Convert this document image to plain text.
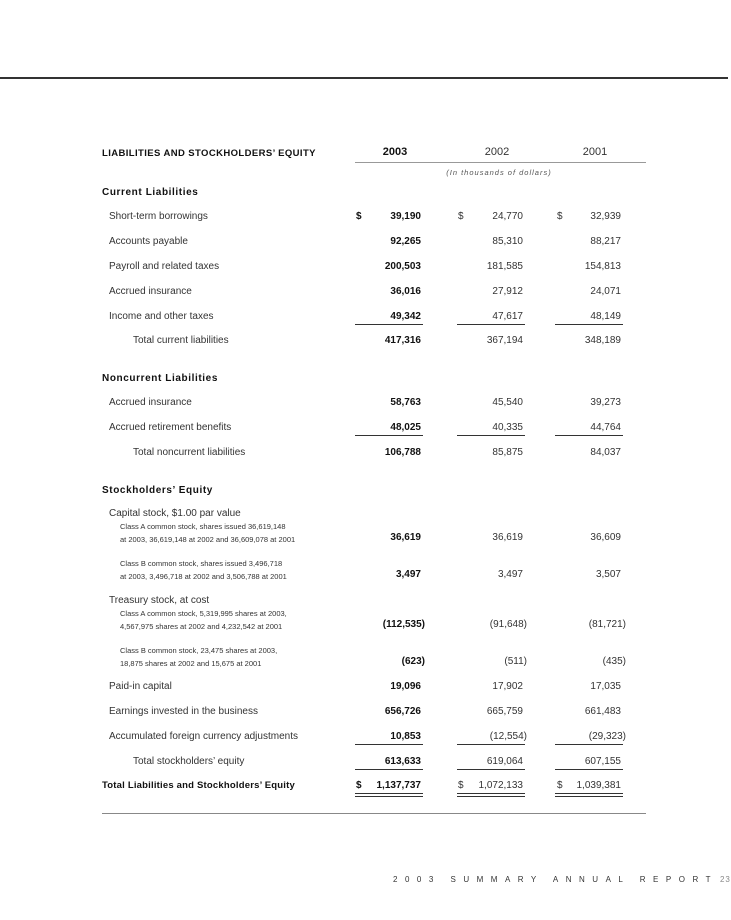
LIABILITIES AND STOCKHOLDERS’ EQUITY	2003	2002	2001
(In thousands of dollars)
Current Liabilities
Short-term borrowings	$	39,190	$	24,770	$	32,939
Accounts payable	92,265	85,310	88,217
Payroll and related taxes	200,503	181,585	154,813
Accrued insurance	36,016	27,912	24,071
Income and other taxes	49,342	47,617	48,149
Total current liabilities	417,316	367,194	348,189
Noncurrent Liabilities
Accrued insurance	58,763	45,540	39,273
Accrued retirement benefits	48,025	40,335	44,764
Total noncurrent liabilities	106,788	85,875	84,037
Stockholders’ Equity
Capital stock, $1.00 par value
Class A common stock, shares issued 36,619,148
at 2003, 36,619,148 at 2002 and 36,609,078 at 2001	36,619	36,619	36,609
Class B common stock, shares issued 3,496,718
at 2003, 3,496,718 at 2002 and 3,506,788 at 2001	3,497	3,497	3,507
Treasury stock, at cost
Class A common stock, 5,319,995 shares at 2003,
4,567,975 shares at 2002 and 4,232,542 at 2001	(112,535)	(91,648)	(81,721)
Class B common stock, 23,475 shares at 2003,
18,875 shares at 2002 and 15,675 at 2001	(623)	(511)	(435)
Paid-in capital	19,096	17,902	17,035
Earnings invested in the business	656,726	665,759	661,483
Accumulated foreign currency adjustments	10,853	(12,554)	(29,323)
Total stockholders’ equity	613,633	619,064	607,155
Total Liabilities and Stockholders’ Equity	$	1,137,737	$	1,072,133	$	1,039,381
2003 SUMMARY ANNUAL REPORT 23
